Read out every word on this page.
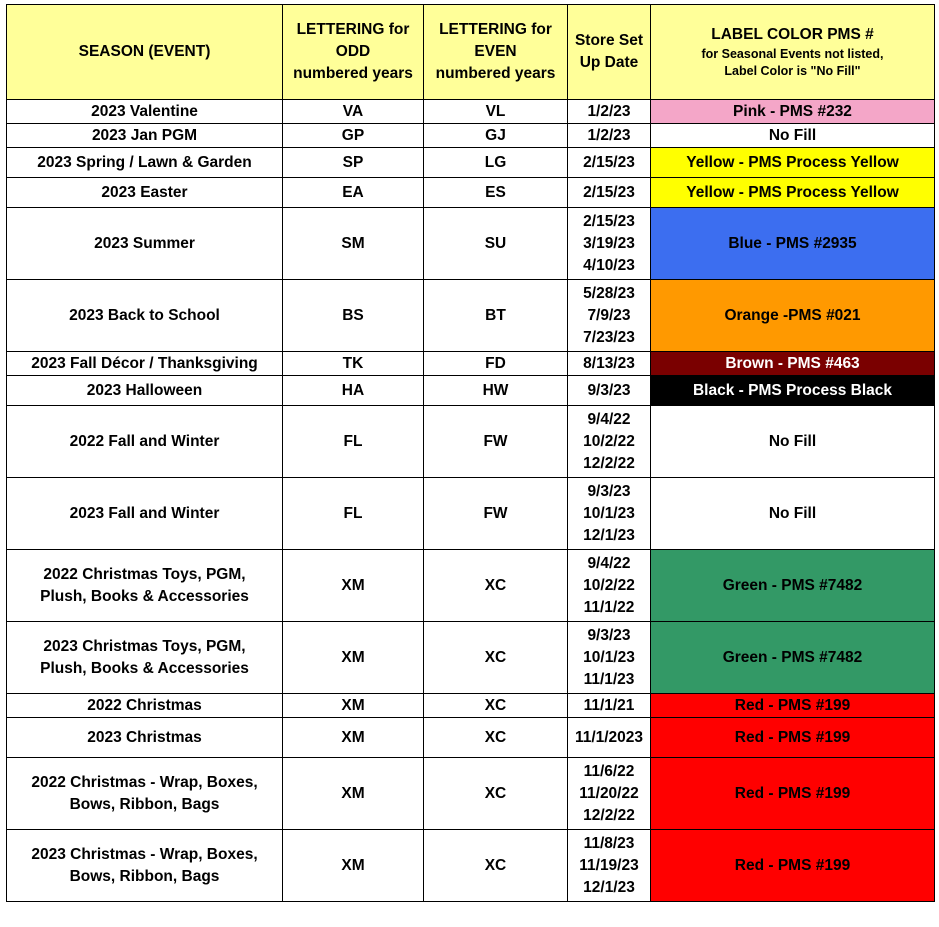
SEASON (EVENT)	LETTERING for
ODD
numbered years	LETTERING for
EVEN
numbered years	Store Set
Up Date	LABEL COLOR PMS #
for Seasonal Events not listed,
Label Color is "No Fill"

2023 Valentine	VA	VL	1/2/23	Pink - PMS #232

2023 Jan PGM	GP	GJ	1/2/23	No Fill

2023 Spring / Lawn & Garden	SP	LG	2/15/23	Yellow - PMS Process Yellow

2023 Easter	EA	ES	2/15/23	Yellow - PMS Process Yellow

2023 Summer	SM	SU	2/15/23
3/19/23
4/10/23	Blue - PMS #2935

2023 Back to School	BS	BT	5/28/23
7/9/23
7/23/23	Orange -PMS #021

2023 Fall Décor / Thanksgiving	TK	FD	8/13/23	Brown - PMS #463

2023 Halloween	HA	HW	9/3/23	Black - PMS Process Black

2022 Fall and Winter	FL	FW	9/4/22
10/2/22
12/2/22	No Fill

2023 Fall and Winter	FL	FW	9/3/23
10/1/23
12/1/23	No Fill

2022 Christmas Toys, PGM,
Plush, Books & Accessories	XM	XC	9/4/22
10/2/22
11/1/22	Green - PMS #7482

2023 Christmas Toys, PGM,
Plush, Books & Accessories	XM	XC	9/3/23
10/1/23
11/1/23	Green - PMS #7482

2022 Christmas	XM	XC	11/1/21	Red - PMS #199

2023 Christmas	XM	XC	11/1/2023	Red - PMS #199

2022 Christmas - Wrap, Boxes,
Bows, Ribbon, Bags	XM	XC	11/6/22
11/20/22
12/2/22	Red - PMS #199

2023 Christmas - Wrap, Boxes,
Bows, Ribbon, Bags	XM	XC	11/8/23
11/19/23
12/1/23	Red - PMS #199
